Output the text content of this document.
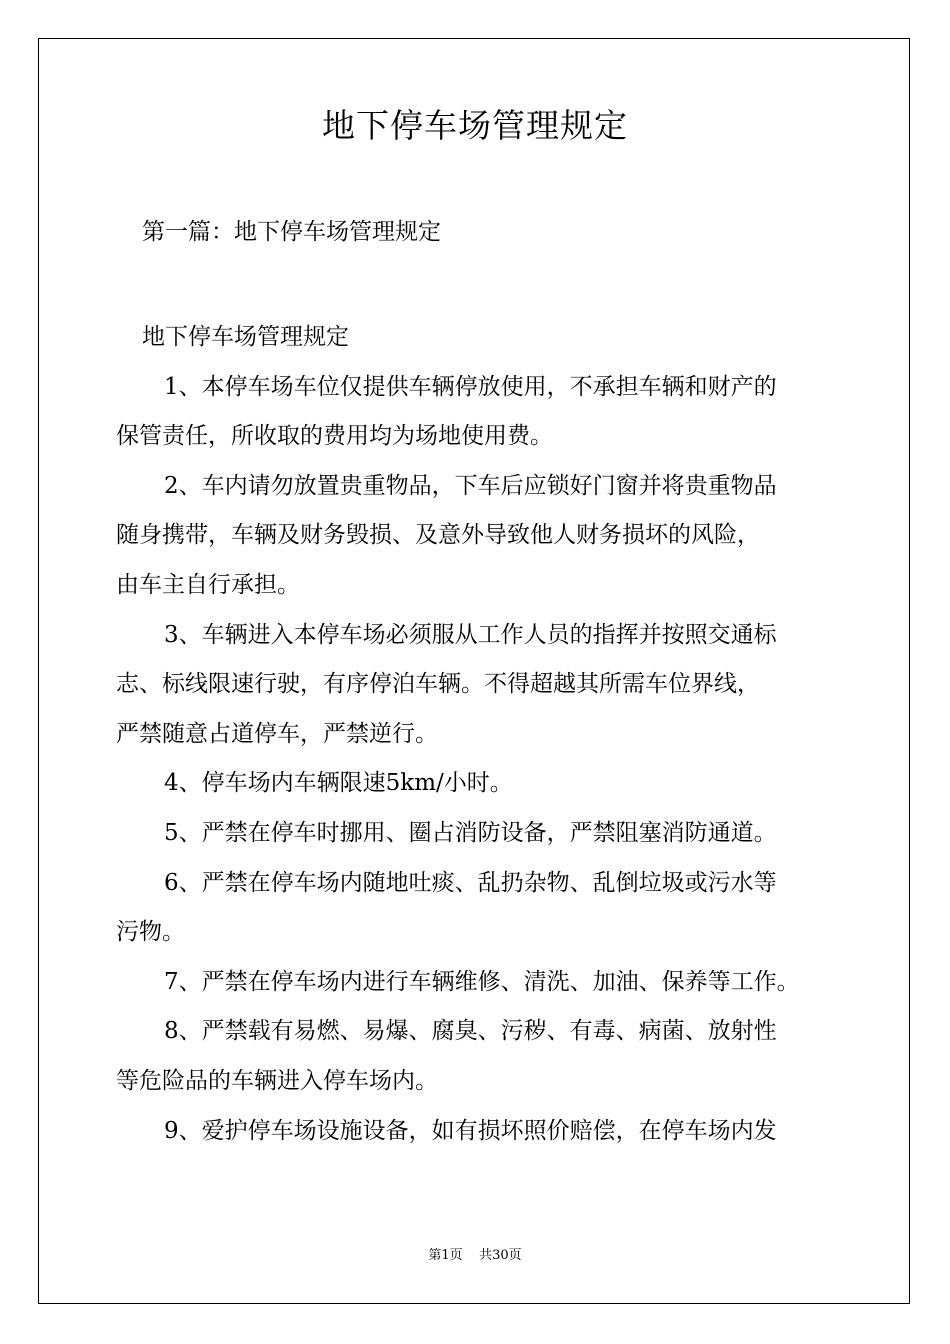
地下停车场管理规定
第一篇：地下停车场管理规定

地下停车场管理规定

1、本停车场车位仅提供车辆停放使用，不承担车辆和财产的
保管责任，所收取的费用均为场地使用费。

2、车内请勿放置贵重物品，下车后应锁好门窗并将贵重物品
随身携带，车辆及财务毁损、及意外导致他人财务损坏的风险，
由车主自行承担。

3、车辆进入本停车场必须服从工作人员的指挥并按照交通标
志、标线限速行驶，有序停泊车辆。不得超越其所需车位界线，
严禁随意占道停车，严禁逆行。

4、停车场内车辆限速5km/小时。

5、严禁在停车时挪用、圈占消防设备，严禁阻塞消防通道。

6、严禁在停车场内随地吐痰、乱扔杂物、乱倒垃圾或污水等
污物。

7、严禁在停车场内进行车辆维修、清洗、加油、保养等工作。

8、严禁载有易燃、易爆、腐臭、污秽、有毒、病菌、放射性
等危险品的车辆进入停车场内。

9、爱护停车场设施设备，如有损坏照价赔偿，在停车场内发

第1页    共30页
